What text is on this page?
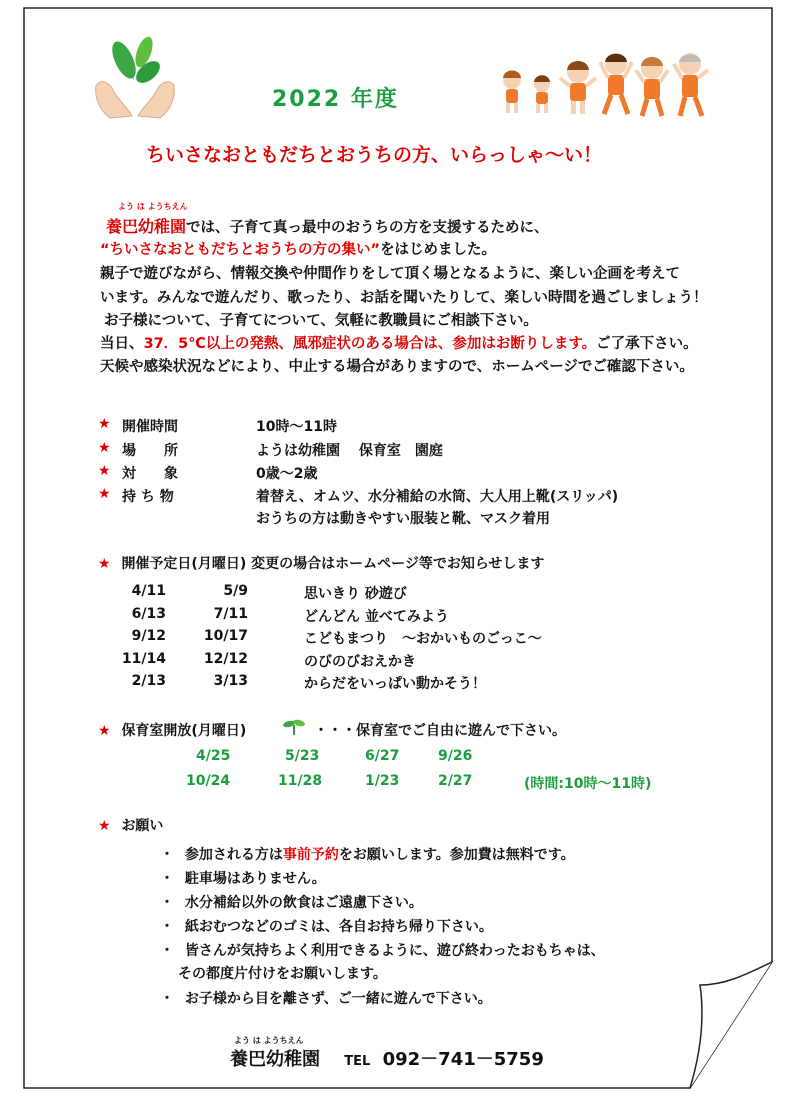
2022 年度
ちいさなおともだちとおうちの方、いらっしゃ～い！
よう は ようちえん
養巴幼稚園では、子育て真っ最中のおうちの方を支援するために、
“ちいさなおともだちとおうちの方の集い”をはじめました。
親子で遊びながら、情報交換や仲間作りをして頂く場となるように、楽しい企画を考えて
います。みんなで遊んだり、歌ったり、お話を聞いたりして、楽しい時間を過ごしましょう！
お子様について、子育てについて、気軽に教職員にご相談下さい。
当日、37．5℃以上の発熱、風邪症状のある場合は、参加はお断りします。ご了承下さい。
天候や感染状況などにより、中止する場合がありますので、ホームページでご確認下さい。
★ 開催時間	10時～11時
★ 場　　所	ようは幼稚園　 保育室　園庭
★ 対　　象	0歳～2歳
★ 持 ち 物	着替え、オムツ、水分補給の水筒、大人用上靴(スリッパ)
おうちの方は動きやすい服装と靴、マスク着用
★ 開催予定日(月曜日) 変更の場合はホームページ等でお知らせします
4/11	5/9	思いきり 砂遊び
6/13	7/11	どんどん 並べてみよう
9/12	10/17	こどもまつり　～おかいものごっこ～
11/14	12/12	のびのびおえかき
2/13	3/13	からだをいっぱい動かそう！
★ 保育室開放(月曜日)	・・・保育室でご自由に遊んで下さい。
4/25	5/23	6/27	9/26
10/24	11/28	1/23	2/27	(時間:10時～11時)
★ お願い
・ 参加される方は事前予約をお願いします。参加費は無料です。
・ 駐車場はありません。
・ 水分補給以外の飲食はご遠慮下さい。
・ 紙おむつなどのゴミは、各自お持ち帰り下さい。
・ 皆さんが気持ちよく利用できるように、遊び終わったおもちゃは、
その都度片付けをお願いします。
・ お子様から目を離さず、ご一緒に遊んで下さい。
よう は ようちえん
養巴幼稚園 TEL 092－741－5759
